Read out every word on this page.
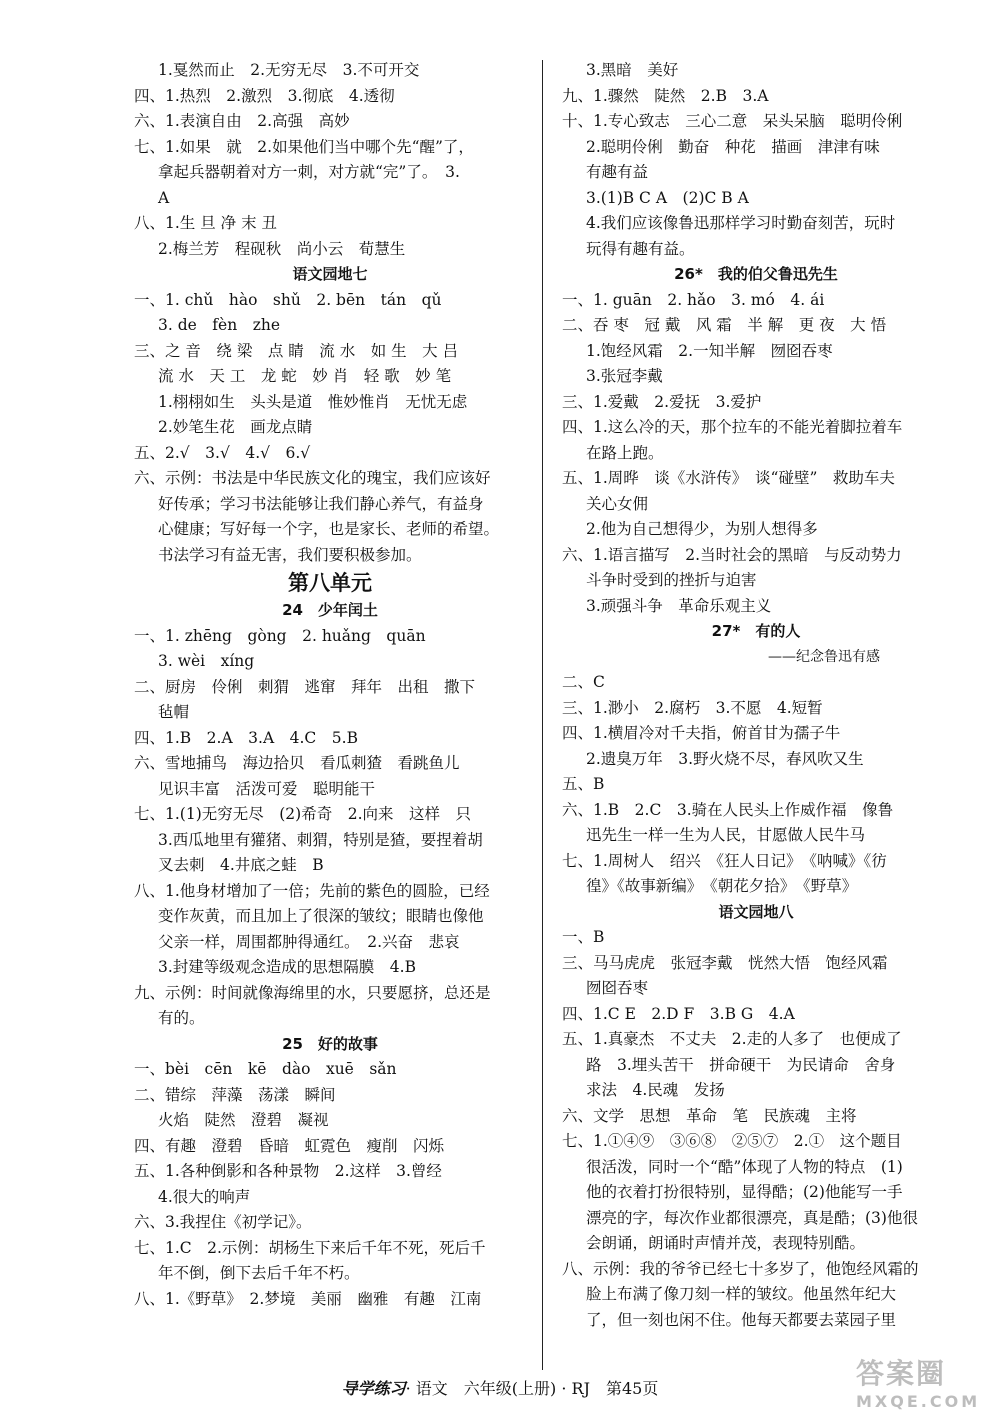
1.戛然而止　2.无穷无尽　3.不可开交
四、1.热烈　2.激烈　3.彻底　4.透彻
六、1.表演自由　2.高强　高妙
七、1.如果　就　2.如果他们当中哪个先“醒”了，
拿起兵器朝着对方一刺，对方就“完”了。　3.
A
八、1.生 旦 净 末 丑
2.梅兰芳　程砚秋　尚小云　荀慧生
语文园地七
一、1. chǔ　hào　shǔ　2. bēn　tán　qǔ
3. de　fèn　zhe
三、之 音　绕 梁　点 睛　流 水　如 生　大 吕
流 水　天 工　龙 蛇　妙 肖　轻 歌　妙 笔
1.栩栩如生　头头是道　惟妙惟肖　无忧无虑
2.妙笔生花　画龙点睛
五、2.√　3.√　4.√　6.√
六、示例：书法是中华民族文化的瑰宝，我们应该好
好传承；学习书法能够让我们静心养气，有益身
心健康；写好每一个字，也是家长、老师的希望。
书法学习有益无害，我们要积极参加。
第八单元
24　少年闰土
一、1. zhēng　gòng　2. huǎng　quān
3. wèi　xíng
二、厨房　伶俐　刺猬　逃窜　拜年　出租　撒下
毡帽
四、1.B　2.A　3.A　4.C　5.B
六、雪地捕鸟　海边拾贝　看瓜刺猹　看跳鱼儿
见识丰富　活泼可爱　聪明能干
七、1.(1)无穷无尽　(2)希奇　2.向来　这样　只
3.西瓜地里有獾猪、刺猬，特别是猹，要捏着胡
叉去刺　4.井底之蛙　B
八、1.他身材增加了一倍；先前的紫色的圆脸，已经
变作灰黄，而且加上了很深的皱纹；眼睛也像他
父亲一样，周围都肿得通红。　2.兴奋　悲哀
3.封建等级观念造成的思想隔膜　4.B
九、示例：时间就像海绵里的水，只要愿挤，总还是
有的。
25　好的故事
一、bèi　cēn　kē　dào　xuē　sǎn
二、错综　萍藻　荡漾　瞬间
火焰　陡然　澄碧　凝视
四、有趣　澄碧　昏暗　虹霓色　瘦削　闪烁
五、1.各种倒影和各种景物　2.这样　3.曾经
4.很大的响声
六、3.我捏住《初学记》。
七、1.C　2.示例：胡杨生下来后千年不死，死后千
年不倒，倒下去后千年不朽。
八、1.《野草》　2.梦境　美丽　幽雅　有趣　江南
3.黑暗　美好
九、1.骤然　陡然　2.B　3.A
十、1.专心致志　三心二意　呆头呆脑　聪明伶俐
2.聪明伶俐　勤奋　种花　描画　津津有味
有趣有益
3.(1)B C A　(2)C B A
4.我们应该像鲁迅那样学习时勤奋刻苦，玩时
玩得有趣有益。
26*　我的伯父鲁迅先生
一、1. guān　2. hǎo　3. mó　4. ái
二、吞 枣　冠 戴　风 霜　半 解　更 夜　大 悟
1.饱经风霜　2.一知半解　囫囵吞枣
3.张冠李戴
三、1.爱戴　2.爱抚　3.爱护
四、1.这么冷的天，那个拉车的不能光着脚拉着车
在路上跑。
五、1.周晔　谈《水浒传》　谈“碰壁”　救助车夫
关心女佣
2.他为自己想得少，为别人想得多
六、1.语言描写　2.当时社会的黑暗　与反动势力
斗争时受到的挫折与迫害
3.顽强斗争　革命乐观主义
27*　有的人
——纪念鲁迅有感
二、C
三、1.渺小　2.腐朽　3.不愿　4.短暂
四、1.横眉冷对千夫指，俯首甘为孺子牛
2.遗臭万年　3.野火烧不尽，春风吹又生
五、B
六、1.B　2.C　3.骑在人民头上作威作福　像鲁
迅先生一样一生为人民，甘愿做人民牛马
七、1.周树人　绍兴　《狂人日记》　《呐喊》《彷
徨》《故事新编》　《朝花夕拾》　《野草》
语文园地八
一、B
三、马马虎虎　张冠李戴　恍然大悟　饱经风霜
囫囵吞枣
四、1.C E　2.D F　3.B G　4.A
五、1.真豪杰　不丈夫　2.走的人多了　也便成了
路　3.埋头苦干　拼命硬干　为民请命　舍身
求法　4.民魂　发扬
六、文学　思想　革命　笔　民族魂　主将
七、1.①④⑨　③⑥⑧　②⑤⑦　2.①　这个题目
很活泼，同时一个“酷”体现了人物的特点　(1)
他的衣着打扮很特别，显得酷；(2)他能写一手
漂亮的字，每次作业都很漂亮，真是酷；(3)他很
会朗诵，朗诵时声情并茂，表现特别酷。
八、示例：我的爷爷已经七十多岁了，他饱经风霜的
脸上布满了像刀刻一样的皱纹。他虽然年纪大
了，但一刻也闲不住。他每天都要去菜园子里
导学练习· 语文　六年级(上册) · RJ　第45页	答案圈
MXQE.COM
